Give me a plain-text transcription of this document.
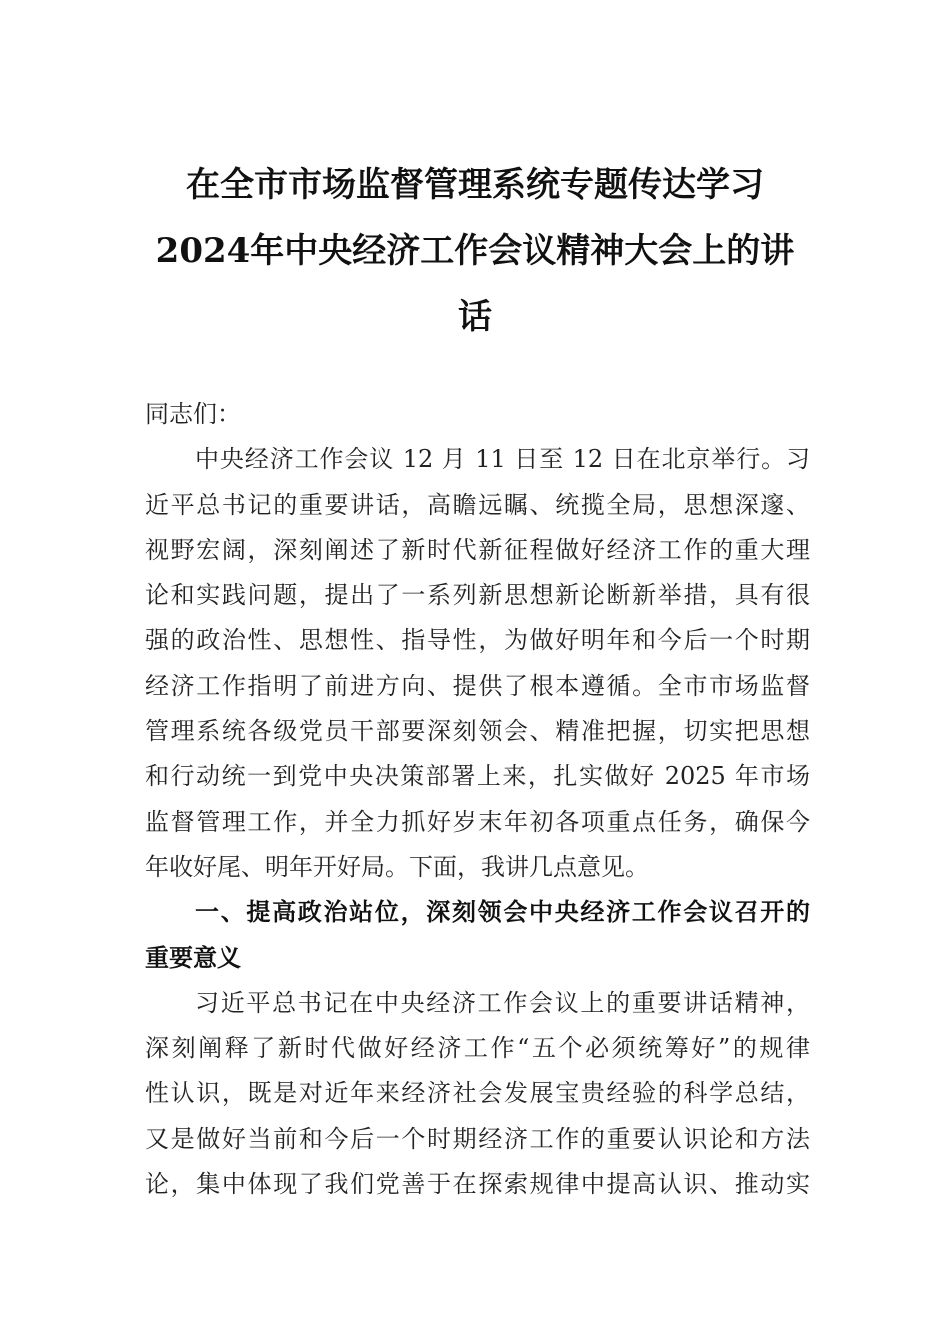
在全市市场监督管理系统专题传达学习
2024年中央经济工作会议精神大会上的讲
话

同志们：

中央经济工作会议 12 月 11 日至 12 日在北京举行。习
近平总书记的重要讲话，高瞻远瞩、统揽全局，思想深邃、
视野宏阔，深刻阐述了新时代新征程做好经济工作的重大理
论和实践问题，提出了一系列新思想新论断新举措，具有很
强的政治性、思想性、指导性，为做好明年和今后一个时期
经济工作指明了前进方向、提供了根本遵循。全市市场监督
管理系统各级党员干部要深刻领会、精准把握，切实把思想
和行动统一到党中央决策部署上来，扎实做好 2025 年市场
监督管理工作，并全力抓好岁末年初各项重点任务，确保今
年收好尾、明年开好局。下面，我讲几点意见。

一、提高政治站位，深刻领会中央经济工作会议召开的
重要意义

习近平总书记在中央经济工作会议上的重要讲话精神，
深刻阐释了新时代做好经济工作“五个必须统筹好”的规律
性认识，既是对近年来经济社会发展宝贵经验的科学总结，
又是做好当前和今后一个时期经济工作的重要认识论和方法
论，集中体现了我们党善于在探索规律中提高认识、推动实
